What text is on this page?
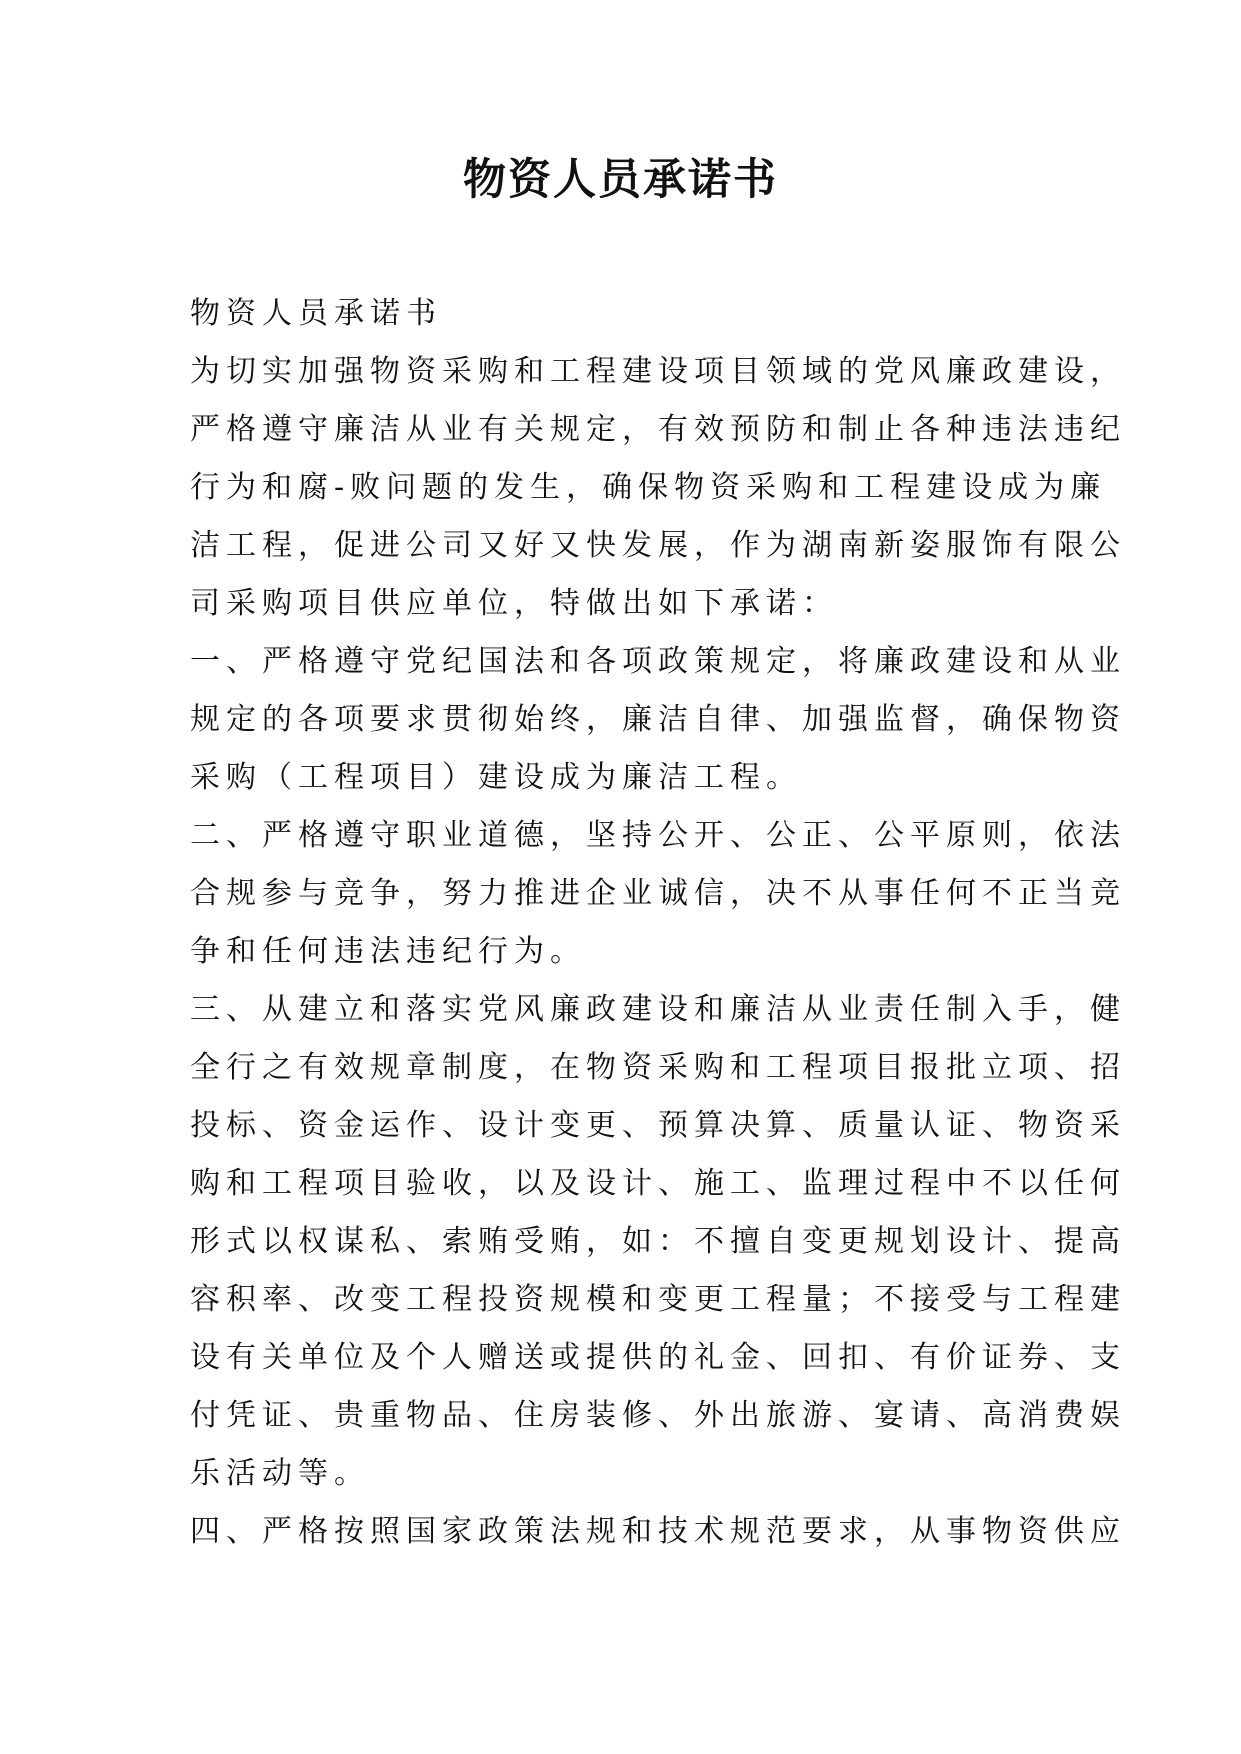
物资人员承诺书
物资人员承诺书
为切实加强物资采购和工程建设项目领域的党风廉政建设，
严格遵守廉洁从业有关规定，有效预防和制止各种违法违纪
行为和腐-败问题的发生，确保物资采购和工程建设成为廉
洁工程，促进公司又好又快发展，作为湖南新姿服饰有限公
司采购项目供应单位，特做出如下承诺：
一、严格遵守党纪国法和各项政策规定，将廉政建设和从业
规定的各项要求贯彻始终，廉洁自律、加强监督，确保物资
采购（工程项目）建设成为廉洁工程。
二、严格遵守职业道德，坚持公开、公正、公平原则，依法
合规参与竞争，努力推进企业诚信，决不从事任何不正当竞
争和任何违法违纪行为。
三、从建立和落实党风廉政建设和廉洁从业责任制入手，健
全行之有效规章制度，在物资采购和工程项目报批立项、招
投标、资金运作、设计变更、预算决算、质量认证、物资采
购和工程项目验收，以及设计、施工、监理过程中不以任何
形式以权谋私、索贿受贿，如：不擅自变更规划设计、提高
容积率、改变工程投资规模和变更工程量；不接受与工程建
设有关单位及个人赠送或提供的礼金、回扣、有价证券、支
付凭证、贵重物品、住房装修、外出旅游、宴请、高消费娱
乐活动等。
四、严格按照国家政策法规和技术规范要求，从事物资供应
